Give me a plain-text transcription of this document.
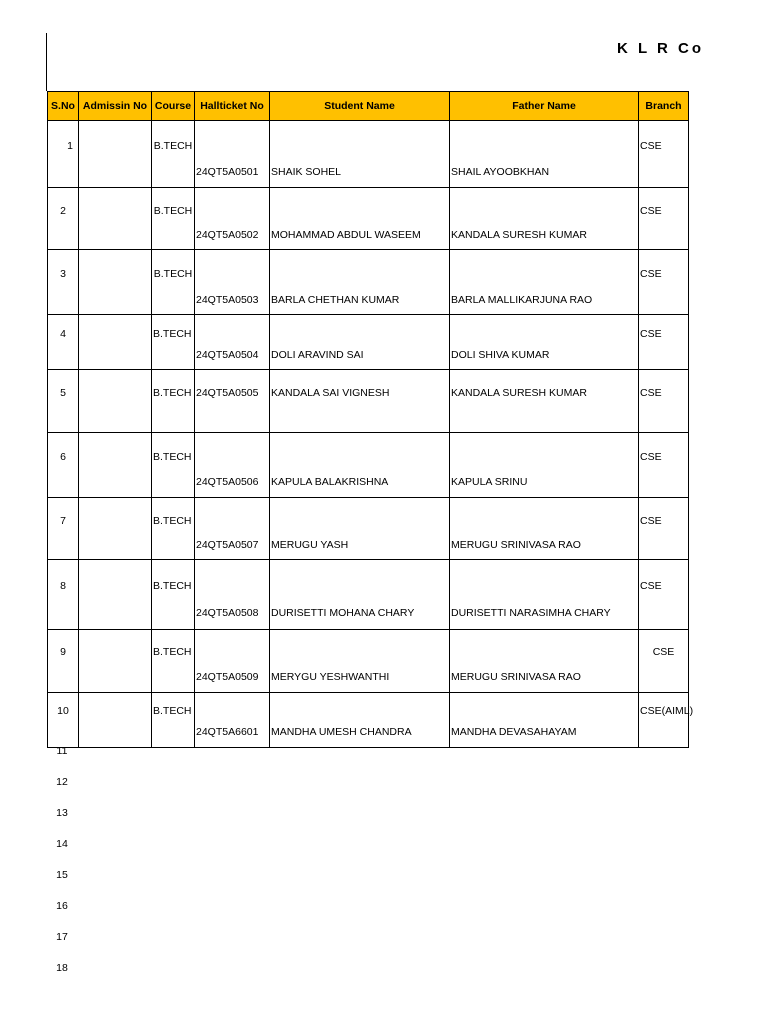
K L R Co
S.No	Admissin No	Course	Hallticket No	Student Name	Father Name	Branch

1		B.TECH	24QT5A0501	SHAIK SOHEL	SHAIL AYOOBKHAN	CSE

2		B.TECH	24QT5A0502	MOHAMMAD ABDUL WASEEM	KANDALA SURESH KUMAR	CSE

3		B.TECH	24QT5A0503	BARLA CHETHAN KUMAR	BARLA MALLIKARJUNA RAO	CSE

4		B.TECH	24QT5A0504	DOLI ARAVIND SAI	DOLI SHIVA KUMAR	CSE

5		B.TECH	24QT5A0505	KANDALA SAI VIGNESH	KANDALA SURESH KUMAR	CSE

6		B.TECH	24QT5A0506	KAPULA BALAKRISHNA	KAPULA SRINU	CSE

7		B.TECH	24QT5A0507	MERUGU YASH	MERUGU SRINIVASA RAO	CSE

8		B.TECH	24QT5A0508	DURISETTI MOHANA CHARY	DURISETTI NARASIMHA CHARY	CSE

9		B.TECH	24QT5A0509	MERYGU YESHWANTHI	MERUGU SRINIVASA RAO	CSE

10		B.TECH	24QT5A6601	MANDHA UMESH CHANDRA	MANDHA DEVASAHAYAM	CSE(AIML)
11
12
13
14
15
16
17
18
